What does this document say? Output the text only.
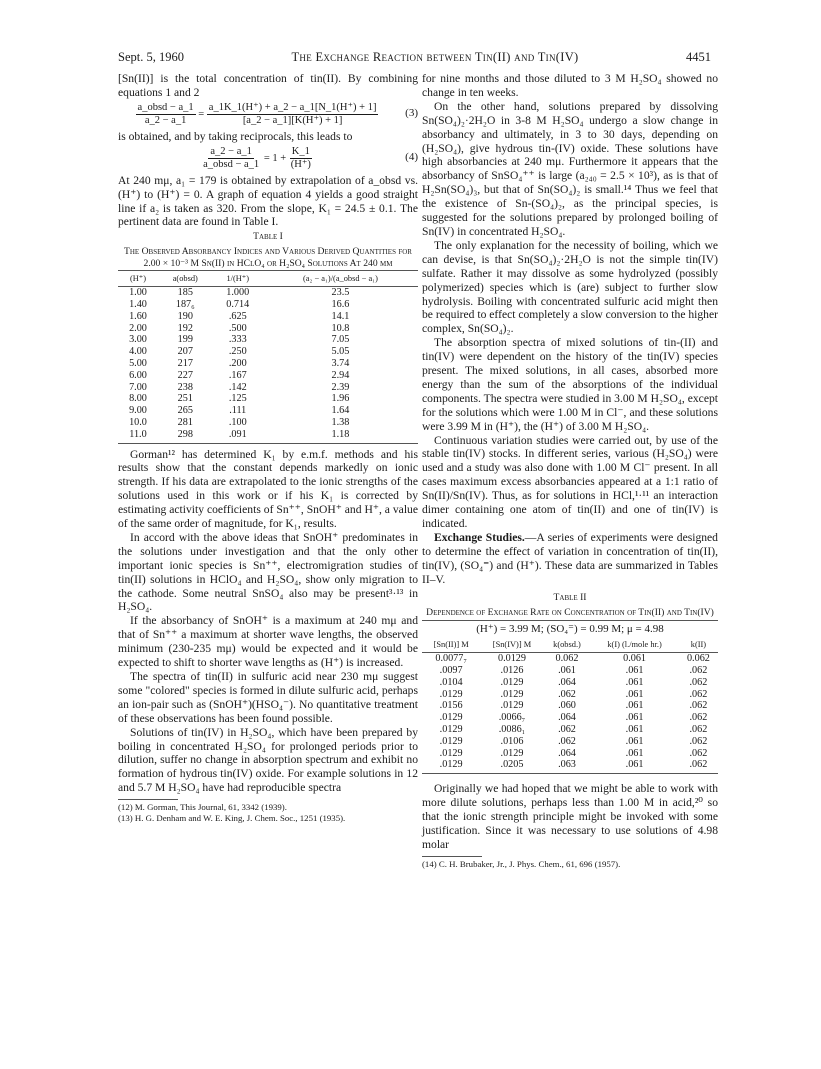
Sept. 5, 1960	The Exchange Reaction between Tin(II) and Tin(IV)	4451

[Sn(II)] is the total concentration of tin(II). By combining equations 1 and 2

$\frac{\text{a\_obsd − a\_1}}{a\_2 - a\_1} = \frac{a\_1K\_1(H^+) + a\_2 - a\_1[N\_1(H^+) + 1]}{[a\_2 - a\_1][K(H^+) + 1]}$	(3)

is obtained, and by taking reciprocals, this leads to

$\frac{a\_2 - a\_1}{\text{a\_obsd − a\_1}} = 1 + \frac{K\_1}{(H^+)}$	(4)

At 240 mμ, a₁ = 179 is obtained by extrapolation of a_obsd vs. (H⁺) to (H⁺) = 0. A graph of equation 4 yields a good straight line if a₂ is taken as 320. From the slope, K₁ = 24.5 ± 0.1. The pertinent data are found in Table I.

Table I
The Observed Absorbancy Indices and Various Derived Quantities for 2.00 × 10⁻³ M Sn(II) in HClO₄ or H₂SO₄ Solutions At 240 mμ
(H⁺)	a(obsd)	1/(H⁺)	(a₂ − a₁)/(a_obsd − a₁)
1.00	185	1.000	23.5
1.40	187₆	0.714	16.6
1.60	190	.625	14.1
2.00	192	.500	10.8
3.00	199	.333	7.05
4.00	207	.250	5.05
5.00	217	.200	3.74
6.00	227	.167	2.94
7.00	238	.142	2.39
8.00	251	.125	1.96
9.00	265	.111	1.64
10.0	281	.100	1.38
11.0	298	.091	1.18

Gorman¹² has determined K₁ by e.m.f. methods and his results show that the constant depends markedly on ionic strength. If his data are extrapolated to the ionic strengths of the solutions used in this work or if his K₁ is corrected by estimating activity coefficients of Sn⁺⁺, SnOH⁺ and H⁺, a value of the same order of magnitude, for K₁, results.

In accord with the above ideas that SnOH⁺ predominates in the solutions under investigation and that the only other important ionic species is Sn⁺⁺, electromigration studies of tin(II) solutions in HClO₄ and H₂SO₄, show only migration to the cathode. Some neutral SnSO₄ also may be present³·¹³ in H₂SO₄.

If the absorbancy of SnOH⁺ is a maximum at 240 mμ and that of Sn⁺⁺ a maximum at shorter wave lengths, the observed minimum (230-235 mμ) would be expected and it would be expected to shift to shorter wave lengths as (H⁺) is increased.

The spectra of tin(II) in sulfuric acid near 230 mμ suggest some "colored" species is formed in dilute sulfuric acid, perhaps an ion-pair such as (SnOH⁺)(HSO₄⁻). No quantitative treatment of these observations has been found possible.

Solutions of tin(IV) in H₂SO₄, which have been prepared by boiling in concentrated H₂SO₄ for prolonged periods prior to dilution, suffer no change in absorption spectrum and exhibit no formation of hydrous tin(IV) oxide. For example solutions in 12 and 5.7 M H₂SO₄ have had reproducible spectra

(12) M. Gorman, This Journal, 61, 3342 (1939).

(13) H. G. Denham and W. E. King, J. Chem. Soc., 1251 (1935).

for nine months and those diluted to 3 M H₂SO₄ showed no change in ten weeks.

On the other hand, solutions prepared by dissolving Sn(SO₄)₂·2H₂O in 3-8 M H₂SO₄ undergo a slow change in absorbancy and ultimately, in 3 to 30 days, depending on (H₂SO₄), give hydrous tin-(IV) oxide. These solutions have high absorbancies at 240 mμ. Furthermore it appears that the absorbancy of SnSO₄⁺⁺ is large (a₂₄₀ = 2.5 × 10³), as is that of H₂Sn(SO₄)₃, but that of Sn(SO₄)₂ is small.¹⁴ Thus we feel that the existence of Sn-(SO₄)₂, as the principal species, is suggested for the solutions prepared by prolonged boiling of Sn(IV) in concentrated H₂SO₄.

The only explanation for the necessity of boiling, which we can devise, is that Sn(SO₄)₂·2H₂O is not the simple tin(IV) sulfate. Rather it may dissolve as some hydrolyzed (possibly polymerized) species which is (are) subject to further slow hydrolysis. Boiling with concentrated sulfuric acid might then be required to effect completely a slow conversion to the higher complex, Sn(SO₄)₂.

The absorption spectra of mixed solutions of tin-(II) and tin(IV) were dependent on the history of the tin(IV) species present. The mixed solutions, in all cases, absorbed more energy than the sum of the absorptions of the individual components. The spectra were studied in 3.00 M H₂SO₄, except for the solutions which were 1.00 M in Cl⁻, and these solutions were 3.99 M in (H⁺), the (H⁺) of 3.00 M H₂SO₄.

Continuous variation studies were carried out, by use of the stable tin(IV) stocks. In different series, various (H₂SO₄) were used and a study was also done with 1.00 M Cl⁻ present. In all cases maximum excess absorbancies appeared at a 1:1 ratio of Sn(II)/Sn(IV). Thus, as for solutions in HCl,¹·¹¹ an interaction dimer containing one atom of tin(II) and one of tin(IV) is indicated.

Exchange Studies.—A series of experiments were designed to determine the effect of variation in concentration of tin(II), tin(IV), (SO₄⁼) and (H⁺). These data are summarized in Tables II–V.

Table II
Dependence of Exchange Rate on Concentration of Tin(II) and Tin(IV)
(H⁺) = 3.99 M; (SO₄⁼) = 0.99 M; μ = 4.98
[Sn(II)] M	[Sn(IV)] M	k(obsd.)	k(I) (l./mole hr.)	k(II)
0.0077₇	0.0129	0.062	0.061	0.062
.0097	.0126	.061	.061	.062
.0104	.0129	.064	.061	.062
.0129	.0129	.062	.061	.062
.0156	.0129	.060	.061	.062
.0129	.0066₇	.064	.061	.062
.0129	.0086₁	.062	.061	.062
.0129	.0106	.062	.061	.062
.0129	.0129	.064	.061	.062
.0129	.0205	.063	.061	.062

Originally we had hoped that we might be able to work with more dilute solutions, perhaps less than 1.00 M in acid,²⁰ so that the ionic strength principle might be invoked with some justification. Since it was necessary to use solutions of 4.98 molar

(14) C. H. Brubaker, Jr., J. Phys. Chem., 61, 696 (1957).
